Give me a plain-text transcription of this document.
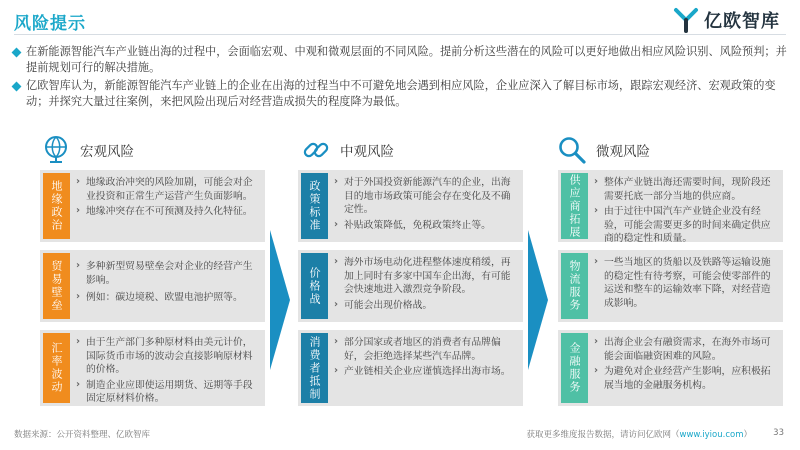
风险提示	亿欧智库
在新能源智能汽车产业链出海的过程中，会面临宏观、中观和微观层面的不同风险。提前分析这些潜在的风险可以更好地做出相应风险识别、风险预判；并提前规划可行的解决措施。
亿欧智库认为，新能源智能汽车产业链上的企业在出海的过程当中不可避免地会遇到相应风险，企业应深入了解目标市场，跟踪宏观经济、宏观政策的变动；并探究大量过往案例，来把风险出现后对经营造成损失的程度降为最低。
宏观风险	中观风险	微观风险
地缘政治	› 地缘政治冲突的风险加剧，可能会对企业投资和正常生产运营产生负面影响。
› 地缘冲突存在不可预测及持久化特征。
贸易壁垒	› 多种新型贸易壁垒会对企业的经营产生影响。
› 例如：碳边境税、欧盟电池护照等。
汇率波动	› 由于生产部门多种原材料由美元计价，国际货币市场的波动会直接影响原材料的价格。
› 制造企业应即使运用期货、远期等手段固定原材料价格。
政策标准	› 对于外国投资新能源汽车的企业，出海目的地市场政策可能会存在变化及不确定性。
› 补贴政策降低，免税政策终止等。
价格战
› 海外市场电动化进程整体速度稍缓，再加上同时有多家中国车企出海，有可能会快速地进入激烈竞争阶段。
› 可能会出现价格战。
消费者抵制	› 部分国家或者地区的消费者有品牌偏好，会拒绝选择某些汽车品牌。
› 产业链相关企业应谨慎选择出海市场。
供应商拓展	› 整体产业链出海还需要时间，现阶段还需要托底一部分当地的供应商。
› 由于过往中国汽车产业链企业没有经验，可能会需要更多的时间来确定供应商的稳定性和质量。
物流服务	› 一些当地区的货船以及铁路等运输设施的稳定性有待考察，可能会使零部件的运送和整车的运输效率下降，对经营造成影响。
金融服务	› 出海企业会有融资需求，在海外市场可能会面临融资困难的风险。
› 为避免对企业经营产生影响，应积极拓展当地的金融服务机构。
数据来源：公开资料整理、亿欧智库	获取更多维度报告数据，请访问亿欧网（www.iyiou.com） 33
